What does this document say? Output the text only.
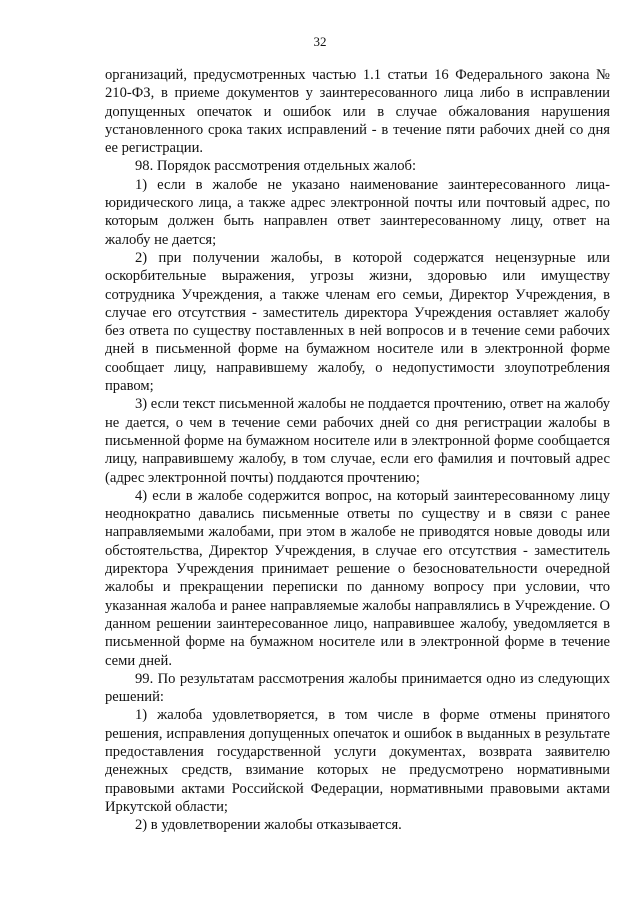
32

организаций, предусмотренных частью 1.1 статьи 16 Федерального закона № 210-ФЗ, в приеме документов у заинтересованного лица либо в исправлении допущенных опечаток и ошибок или в случае обжалования нарушения установленного срока таких исправлений - в течение пяти рабочих дней со дня ее регистрации.

98. Порядок рассмотрения отдельных жалоб:

1) если в жалобе не указано наименование заинтересованного лица-юридического лица, а также адрес электронной почты или почтовый адрес, по которым должен быть направлен ответ заинтересованному лицу, ответ на жалобу не дается;

2) при получении жалобы, в которой содержатся нецензурные или оскорбительные выражения, угрозы жизни, здоровью или имуществу сотрудника Учреждения, а также членам его семьи, Директор Учреждения, в случае его отсутствия - заместитель директора Учреждения оставляет жалобу без ответа по существу поставленных в ней вопросов и в течение семи рабочих дней в письменной форме на бумажном носителе или в электронной форме сообщает лицу, направившему жалобу, о недопустимости злоупотребления правом;

3) если текст письменной жалобы не поддается прочтению, ответ на жалобу не дается, о чем в течение семи рабочих дней со дня регистрации жалобы в письменной форме на бумажном носителе или в электронной форме сообщается лицу, направившему жалобу, в том случае, если его фамилия и почтовый адрес (адрес электронной почты) поддаются прочтению;

4) если в жалобе содержится вопрос, на который заинтересованному лицу неоднократно давались письменные ответы по существу и в связи с ранее направляемыми жалобами, при этом в жалобе не приводятся новые доводы или обстоятельства, Директор Учреждения, в случае его отсутствия - заместитель директора Учреждения принимает решение о безосновательности очередной жалобы и прекращении переписки по данному вопросу при условии, что указанная жалоба и ранее направляемые жалобы направлялись в Учреждение. О данном решении заинтересованное лицо, направившее жалобу, уведомляется в письменной форме на бумажном носителе или в электронной форме в течение семи дней.

99. По результатам рассмотрения жалобы принимается одно из следующих решений:

1) жалоба удовлетворяется, в том числе в форме отмены принятого решения, исправления допущенных опечаток и ошибок в выданных в результате предоставления государственной услуги документах, возврата заявителю денежных средств, взимание которых не предусмотрено нормативными правовыми актами Российской Федерации, нормативными правовыми актами Иркутской области;

2) в удовлетворении жалобы отказывается.
